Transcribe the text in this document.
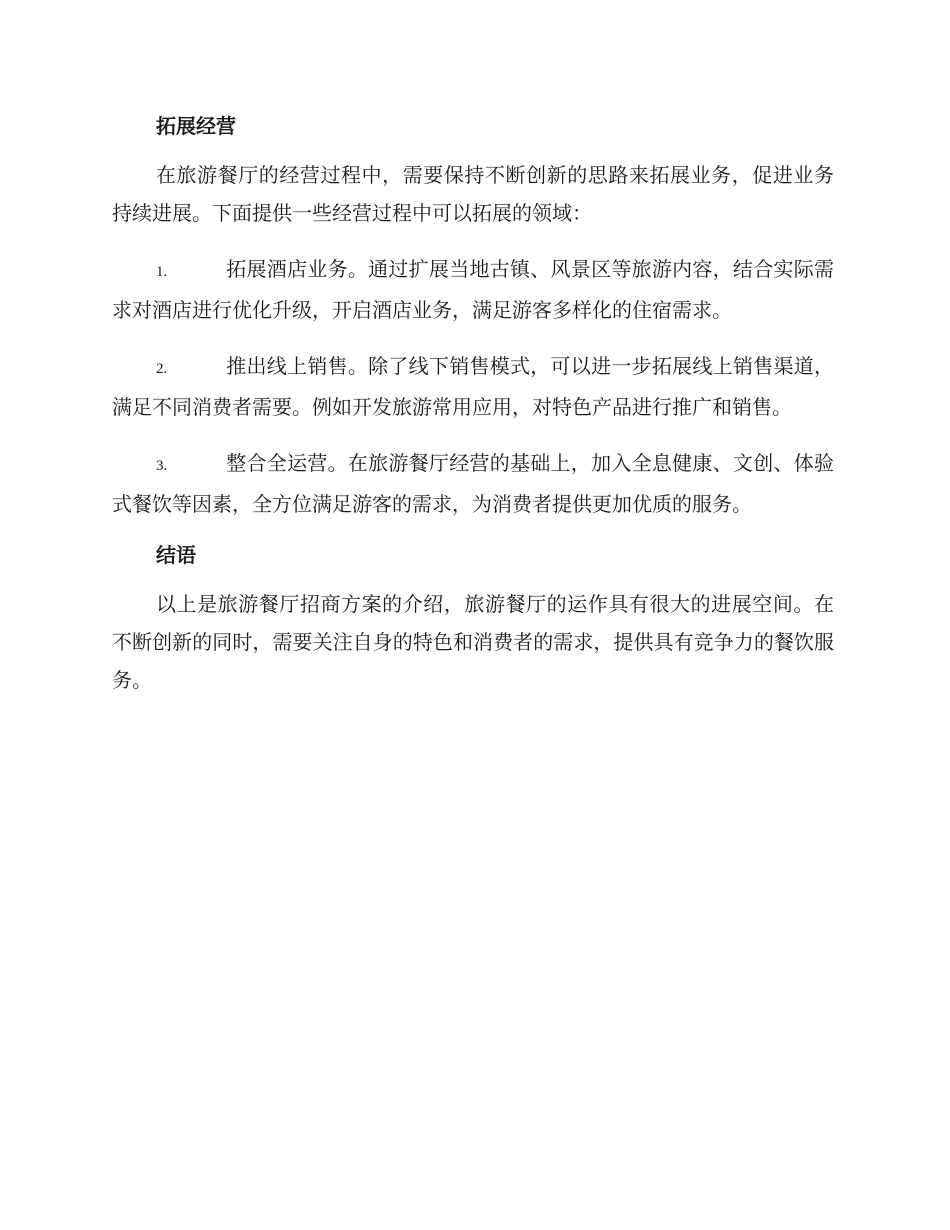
拓展经营

在旅游餐厅的经营过程中，需要保持不断创新的思路来拓展业务，促进业务持续进展。下面提供一些经营过程中可以拓展的领域：

1.	拓展酒店业务。通过扩展当地古镇、风景区等旅游内容，结合实际需求对酒店进行优化升级，开启酒店业务，满足游客多样化的住宿需求。

2.	推出线上销售。除了线下销售模式，可以进一步拓展线上销售渠道，满足不同消费者需要。例如开发旅游常用应用，对特色产品进行推广和销售。

3.	整合全运营。在旅游餐厅经营的基础上，加入全息健康、文创、体验式餐饮等因素，全方位满足游客的需求，为消费者提供更加优质的服务。

结语

以上是旅游餐厅招商方案的介绍，旅游餐厅的运作具有很大的进展空间。在不断创新的同时，需要关注自身的特色和消费者的需求，提供具有竞争力的餐饮服务。
